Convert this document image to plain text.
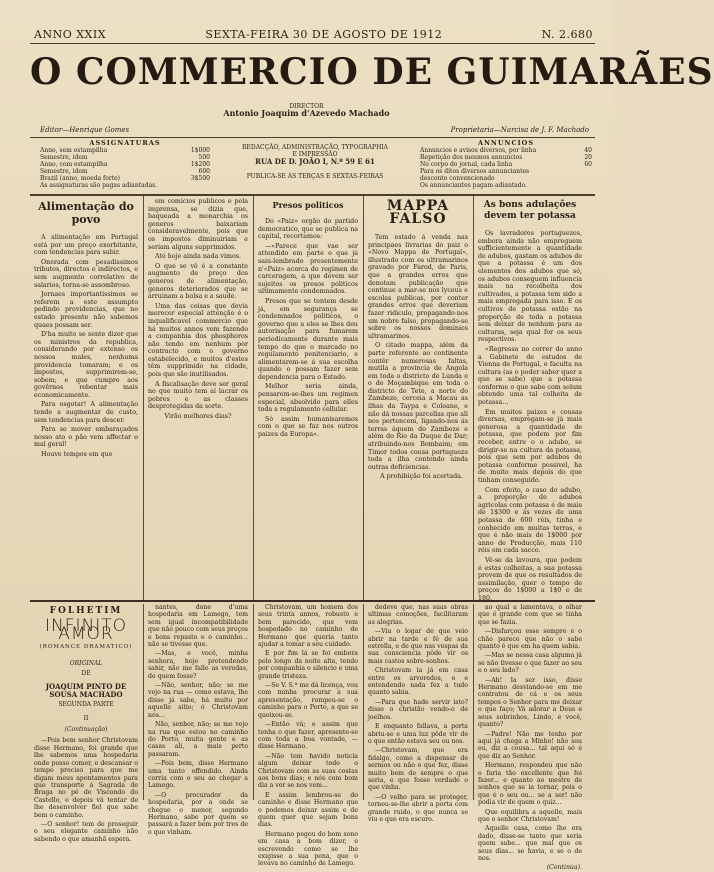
ANNO XXIX	SEXTA-FEIRA 30 DE AGOSTO DE 1912	N. 2.680
O COMMERCIO DE GUIMARÃES
DIRECTOR
Antonio Joaquim d'Azevedo Machado
Editor—Henrique Gomes	Proprietaria—Narcisa de J. F. Machado
ASSIGNATURAS
Anno, sem estampilha	1$000
Semestre, idem	500
Anno, com estampilha	1$200
Semestre, idem	600
Brazil (anno, moeda forte)	3$500
As assignaturas são pagas adiantadas.
REDACÇÃO, ADMINISTRAÇÃO, TYPOGRAPHIA
E IMPRESSÃO
RUA DE D. JOÃO I, N.º 59 E 61
PUBLICA-SE ÀS TERÇAS E SEXTAS-FEIRAS
ANNUNCIOS
Annuncios e avisos diversos, por linha	40
Repetição dos mesmos annuncios	20
No corpo do jornal, cada linha	60
Para os ditos diversos annunciantes
desconto convencionado
Os annunciantes pagam adiantado.
Alimentação do povo

A alimentação em Portugal está por um preço exorbitante, com tendencias para subir.

Onerada com pesadissimos tributos, directos e indirectos, e sem augmento correlativo de salarios, torna-se assombroso.

Jornaes importantissimos se referem a este assumpto pedindo providencias, que no estado presente não sabemos quaes possam ser.

D'ha muito se sente dizer que os ministros da republica, considerando por extenso os nossos males, nenhuma providencia tomaram; e os impostos, supprimirem-se, sobem; e que cumpre aos govêrnos rebentar mais economicamente.

Para esgotar! A alimentação tende a augmentar de custo, sem tendencias para descer.

Para se mover embaraçados nosso ato o pão vem affectar o mal geral!

Houve tempos em que

em comicios publicos e pela imprensa, se dizia que, baqueada a monarchia os generos baixariam consideravelmente, pois que os impostos diminuiriam e seriam alguns supprimidos.

Até hoje ainda nada vimos.

O que se vê é a constante augmento de preço dos generos de alimentação, generos deteriorados que se arruinam a bolsa e a saude.

Uma das coisas que devia merecer especial attenção é o inqualificavel commercio que há muitos annos vem fazendo a companhia dos phosphoros não tendo em nenhum por contracto com o governo estabelecido, e muitos d'estes têm supprimido na cidade, pois que são inutilisados.

A fiscalisação deve ser geral no que muito tem aí lacrar os pobres e as classes desprotegidas da sorte.

Virão melhores dias?

Presos politicos

Do «Paiz» orgão do partido democratico, que se publica na capital, recortamos:

—«Parece que vae ser attendido em parte o que já saiu-lembrado presentemente n'«Paiz» acerca do regimen de carceragem, a que devem ser sujeitos os presos politicos ultimamente condemnados.

Presos que se tentem desde já, em segurança se condemnados politicos, o governo que a eles se lhes deu autorisação para fumarem periodicamente durante mais tempo do que o marcado no regulamento penitenciario, e alimentarem-se á sua escolha quando o possam fazer sem dependencia para o Estado.

Melhor seria ainda, pensarem-se-lhes um regimen especial, absolvido para elles toda a regulamento cellular.

Só assim humanisaremos com o que se faz nos outros paizes da Europa».

MAPPA FALSO

Tem estado á venda nas principaes livrarias do paiz o «Novo Mappa de Portugal», illustrado com os ultramarinos gravado por Farod, de Paris, que a grandes erros que denotam publicação que continue a mar-se nos lyceus e escolas publicas, por conter grandes erros que deveriam fazer ridiculo, propagando-nos um nobre falso, propagando-se sobre os nossos dominios ultramarinos.

O citado mappa, além da parte referente ao continente contêr numerosas faltas, mutila a provincia de Angola em toda o districto de Lunda e o de Moçambique em toda o districto de Tete, a norte do Zambeze, cerceia a Macau as ilhas da Taypa e Coloane, e não dá nossas parcellas que ali nos pertencem, ligando-nos ás terras áquem do Zambeze e além do Rio da Duque de Dar; atribuindo-nos Bombaim; em Timor todos cousa portugueza toda a ilha contendo ainda outras deficiencias.

A prohibição foi acertada.

As bons adulações devem ter potassa

Os lavradores portuguezes, embora ainda não empreguem sufficientemente a quantidade de adubos, gastam os adubos de que a potassa é um dos elementos dos adubos que só, os adubos conseguem influencia mais na recolheita dos cultivados, a potassa tem sido a mais empregada para isso. E os cultivos de potassa estão na proporção de toda a potassa sem deixar de nenhum para as culturas, seja qual for os seus respectivos.

«Regressa no correr do anno a Gabinete de estudos de Vienna de Portugal, e faculta na cultura (as o poder saber quer a que se sabe) que a potassa conforme o que sabe com solum obtendo uma tal colheita de potassa...

Em muitos paizes e cousas diversas, empregam-se já mais generosa a quantidade de potassa, que podem por fim receber, entre o o adubo, se dirigir-se na cultura da potassa, pois que sem por adubos de potassa conforme possivel, ha de muito mais depois do que tinham conseguido.

Com efeito, o caso do adubo, a proporção de adubos agricolas com potassa é de mais de 1$300 e ás vezes de uma potassa de 600 réis, tinha e conhecido em muitas terras, e que é não mais de 1$000 por anno de Producção, mais 110 réis em cada sacco.

Vê-se da lavoura, que podem é estas colheitas, a sua potassa provem de que os resultados de assimilação, quer o tempo de preços de 1$000 a 1$0 e de 180.

FOLHETIM
INFINITO AMOR
(ROMANCE DRAMATICO)
ORIGINAL
DE
JOAQUIM PINTO DE SOUSA MACHADO
SEGUNDA PARTE
II
(Continuação)

—Pois bem senhor Christovam disse Hermano, foi grande que lhe sabemos uma hospedaria onde posso comer, e descansar o tempo preciso para que me digam meus apontamentos para que transporte á Sagrada de Braga no pé de Viscondo do Castello, e depois vá tentar de lhe desenvolver fiel que sabe bem o caminho.

—O senhor! tem de proseguir o seu elegante caminho não sabendo o que amanhã espera.

nantes, done d'uma hospedaria em Lamego, tem sem igual incompatibilidade que não pouco com seus preços e bons repasto e o caminho... não se tivesse que.

—Mas, e você, minha senhora, hoje pretendendo sahir, não me falle as veredas, de quem fosse?

—Não, senhor, não; se me vejo na rua — como estava, lhe disse já sabe, há muito por aquelle sitio; ó Christovam nós...

Não, senhor, não; se me vejo na rua que estou no caminho do Porto, muita gente e as casas ali, a mais perto passaram.

—Pois bem, disse Hermano uma tanto offendido. Ainda corria com o seu ao chegar a Lamego.

—O procurador da hospedaria, por a onde se chegue o menor, segundo Hermano, sabe por quem se passará a fazer bem por tres de o que vinham.

Christovam, um homem dos seus trinta annos, robusto e bem parecido, que vem hospedado no caminho de Hermano que queria tanto ajudar a tomar a seu cuidado.

E por fim lá se foi embora pelo longo da noite alta, tendo por companhia o silencio e uma grande tristeza.

—Se V. S.ª me dá licença, vou com minha procurar a sua apresentação, rompeu-se o caminho para o Porto, a que se queixou-se.

—Então vá; e assim que tenha o que fazer, apresente-se com toda a boa vontade, — disse Hermano.

—Não tem havido noticia algum deixar todo o Christovam com as suas costas aos bons dias; e nós com bom dia a ver se nos vem...

E assim lembrou-se do caminho e disse Hermano que o podemos deixar assim e de quem quer que sejam bons dias.

Hermano pegou do bom sono em casa a bom dizer, e escrevendo como se lhe exigisse a sua pena, que o levava no caminho de Lamego.

dedeve que, nas suas obras ultimas comoções, facilitaram as alegrias.

—Viu o logar de que veio abrir na tarde e fé de sua estrella, e de que nas vespas da sua consciencia pôde vir os mais castos sobre-sonhos.

Christovam ia já em casa entre os arvoredos, e e entendendo nada fez a tudo quanto sabia.

—Para que hade servir isto? disse o christão vendo-o de joelhos.

E enquanto fallava, a porta abriu-se e uma luz pôde vir de o que então estava seu ou nos.

—Christovam, que era fidalgo, como a dispensar de sermos ou não o que fez, disse muito bem de sempre o que seria, e que fosse verdade o que vinha.

—O velho para se proteger, tornou-se-lhe abrir a porta com grande ruido, o que nunca se viu e que era escuro.

ao qual a lamentava, o olhar que é grande com que se tinha que se fazia.

—Disfarçou esse sempre e o chão parece que não o sabe quanto é que em ha quem sabia.

—Mas se nessa casa alguma já se não tivesse o que fazer ao seu e o seu lado?

—Ah! Ia ser isso, disse Hermano desviando-se em me contratou de cá e os seus tempos o Senhor para me deixar o que faço; Vá adorar a Deus e seus sobrinhos, Lindo, e você, quanto?

—Padre! Não me tenho por aqui já chega a Minho! não sou eu, diz a cousa... tal aqui só é que diz ao Senhor.

Hermano, respondeu que não o faria tão excellente que foi fazer... e quanto ao mestre de sonhos que se ia tornar, pois o que é o seu ou... se a ser! não podia vir de quem o quiz...

Que equilibra a aquelle, mais que o senhor Christovam!

Aquelle casa, como lhe era dado, disse-se tanto que seria quem sabe... que mal que os seus dias... se havia, e se o de nos.

(Continúa).
